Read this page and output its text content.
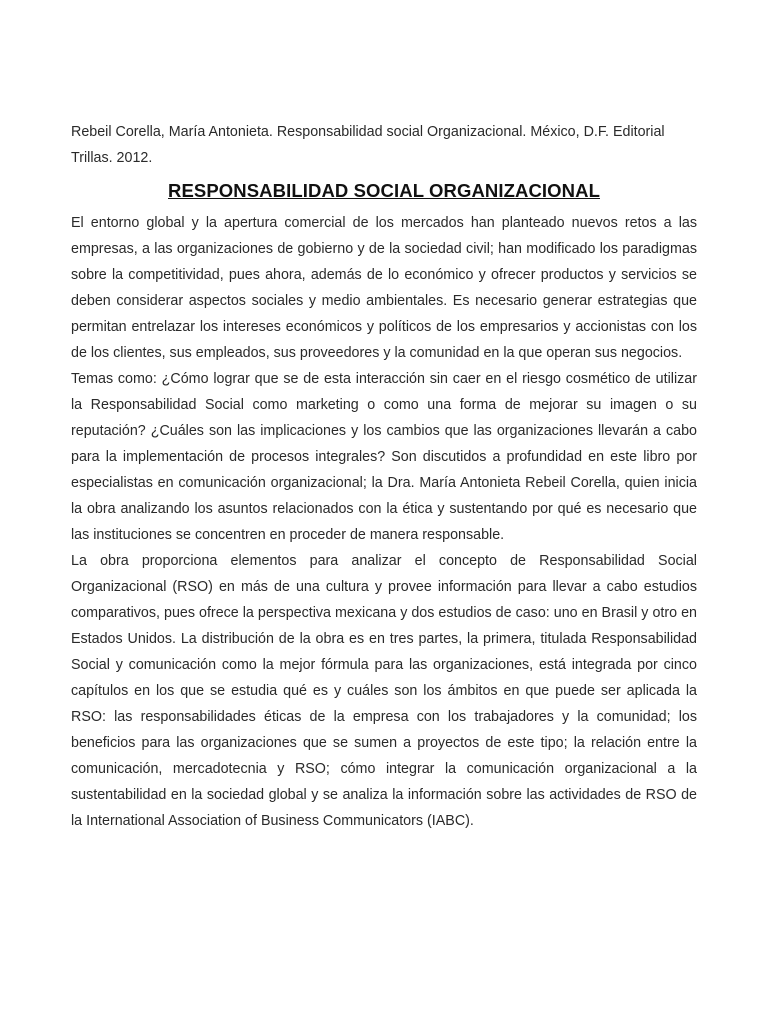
Rebeil Corella, María Antonieta. Responsabilidad social Organizacional. México, D.F. Editorial Trillas. 2012.

RESPONSABILIDAD SOCIAL ORGANIZACIONAL

El entorno global y la apertura comercial de los mercados han planteado nuevos retos a las empresas, a las organizaciones de gobierno y de la sociedad civil; han modificado los paradigmas sobre la competitividad, pues ahora, además de lo económico y ofrecer productos y servicios se deben considerar aspectos sociales y medio ambientales. Es necesario generar estrategias que permitan entrelazar los intereses económicos y políticos de los empresarios y accionistas con los de los clientes, sus empleados, sus proveedores y la comunidad en la que operan sus negocios.

Temas como: ¿Cómo lograr que se de esta interacción sin caer en el riesgo cosmético de utilizar la Responsabilidad Social como marketing o como una forma de mejorar su imagen o su reputación? ¿Cuáles son las implicaciones y los cambios que las organizaciones llevarán a cabo para la implementación de procesos integrales? Son discutidos a profundidad en este libro por especialistas en comunicación organizacional; la Dra. María Antonieta Rebeil Corella, quien inicia la obra analizando los asuntos relacionados con la ética y sustentando por qué es necesario que las instituciones se concentren en proceder de manera responsable.

La obra proporciona elementos para analizar el concepto de Responsabilidad Social Organizacional (RSO) en más de una cultura y provee información para llevar a cabo estudios comparativos, pues ofrece la perspectiva mexicana y dos estudios de caso: uno en Brasil y otro en Estados Unidos. La distribución de la obra es en tres partes, la primera, titulada Responsabilidad Social y comunicación como la mejor fórmula para las organizaciones, está integrada por cinco capítulos en los que se estudia qué es y cuáles son los ámbitos en que puede ser aplicada la RSO: las responsabilidades éticas de la empresa con los trabajadores y la comunidad; los beneficios para las organizaciones que se sumen a proyectos de este tipo; la relación entre la comunicación, mercadotecnia y RSO; cómo integrar la comunicación organizacional a la sustentabilidad en la sociedad global y se analiza la información sobre las actividades de RSO de la International Association of Business Communicators (IABC).
